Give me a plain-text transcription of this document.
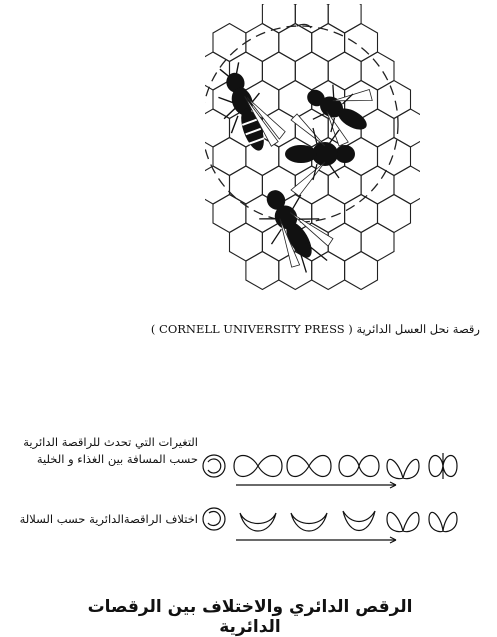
رقصة نحل العسل الدائرية ( CORNELL UNIVERSITY PRESS )
التغيرات التي تحدث للراقصة الدائرية
حسب المسافة بين الغذاء و الخلية
اختلاف الراقصةالدائرية حسب السلالة
الرقص الدائري والاختلاف بين الرقصات الدائرية
